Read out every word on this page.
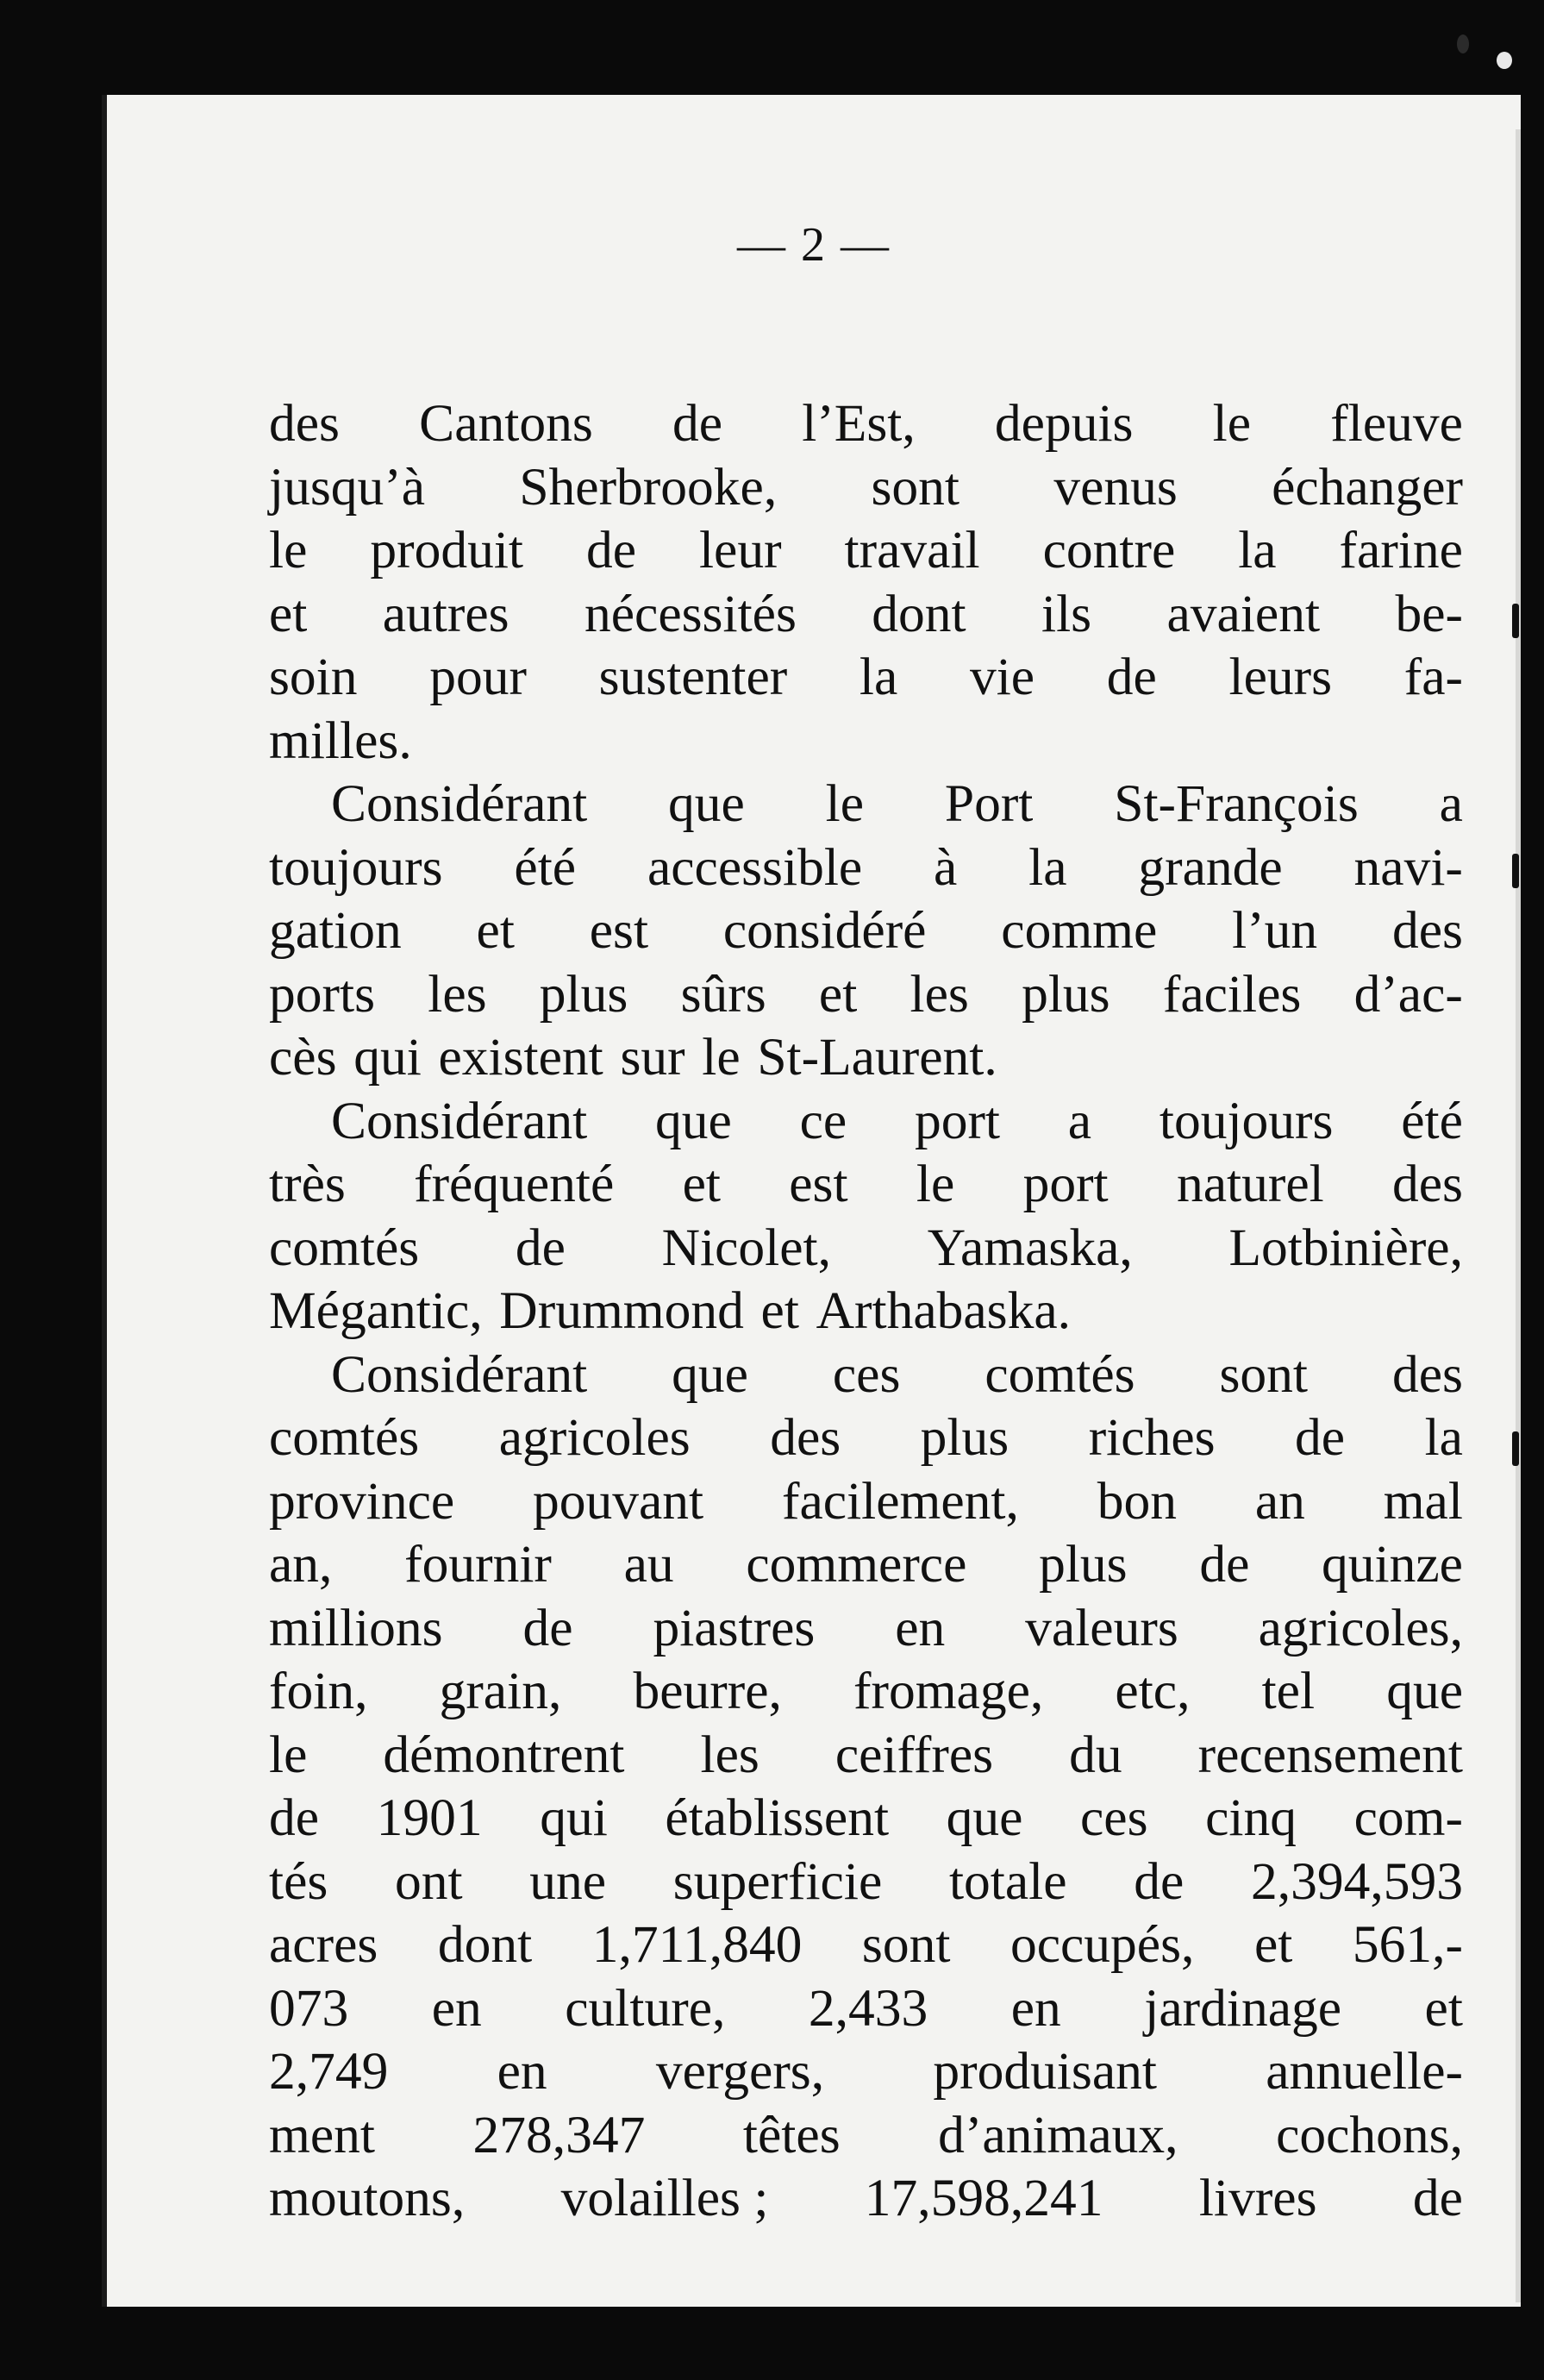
— 2 —
des Cantons de l’Est, depuis le fleuve
jusqu’à Sherbrooke, sont venus échanger
le produit de leur travail contre la farine
et autres nécessités dont ils avaient be-
soin pour sustenter la vie de leurs fa-
milles.
Considérant que le Port St-François a
toujours été accessible à la grande navi-
gation et est considéré comme l’un des
ports les plus sûrs et les plus faciles d’ac-
cès qui existent sur le St-Laurent.
Considérant que ce port a toujours été
très fréquenté et est le port naturel des
comtés de Nicolet, Yamaska, Lotbinière,
Mégantic, Drummond et Arthabaska.
Considérant que ces comtés sont des
comtés agricoles des plus riches de la
province pouvant facilement, bon an mal
an, fournir au commerce plus de quinze
millions de piastres en valeurs agricoles,
foin, grain, beurre, fromage, etc, tel que
le démontrent les ceiffres du recensement
de 1901 qui établissent que ces cinq com-
tés ont une superficie totale de 2,394,593
acres dont 1,711,840 sont occupés, et 561,-
073 en culture, 2,433 en jardinage et
2,749 en vergers, produisant annuelle-
ment 278,347 têtes d’animaux, cochons,
moutons, volailles ; 17,598,241 livres de
